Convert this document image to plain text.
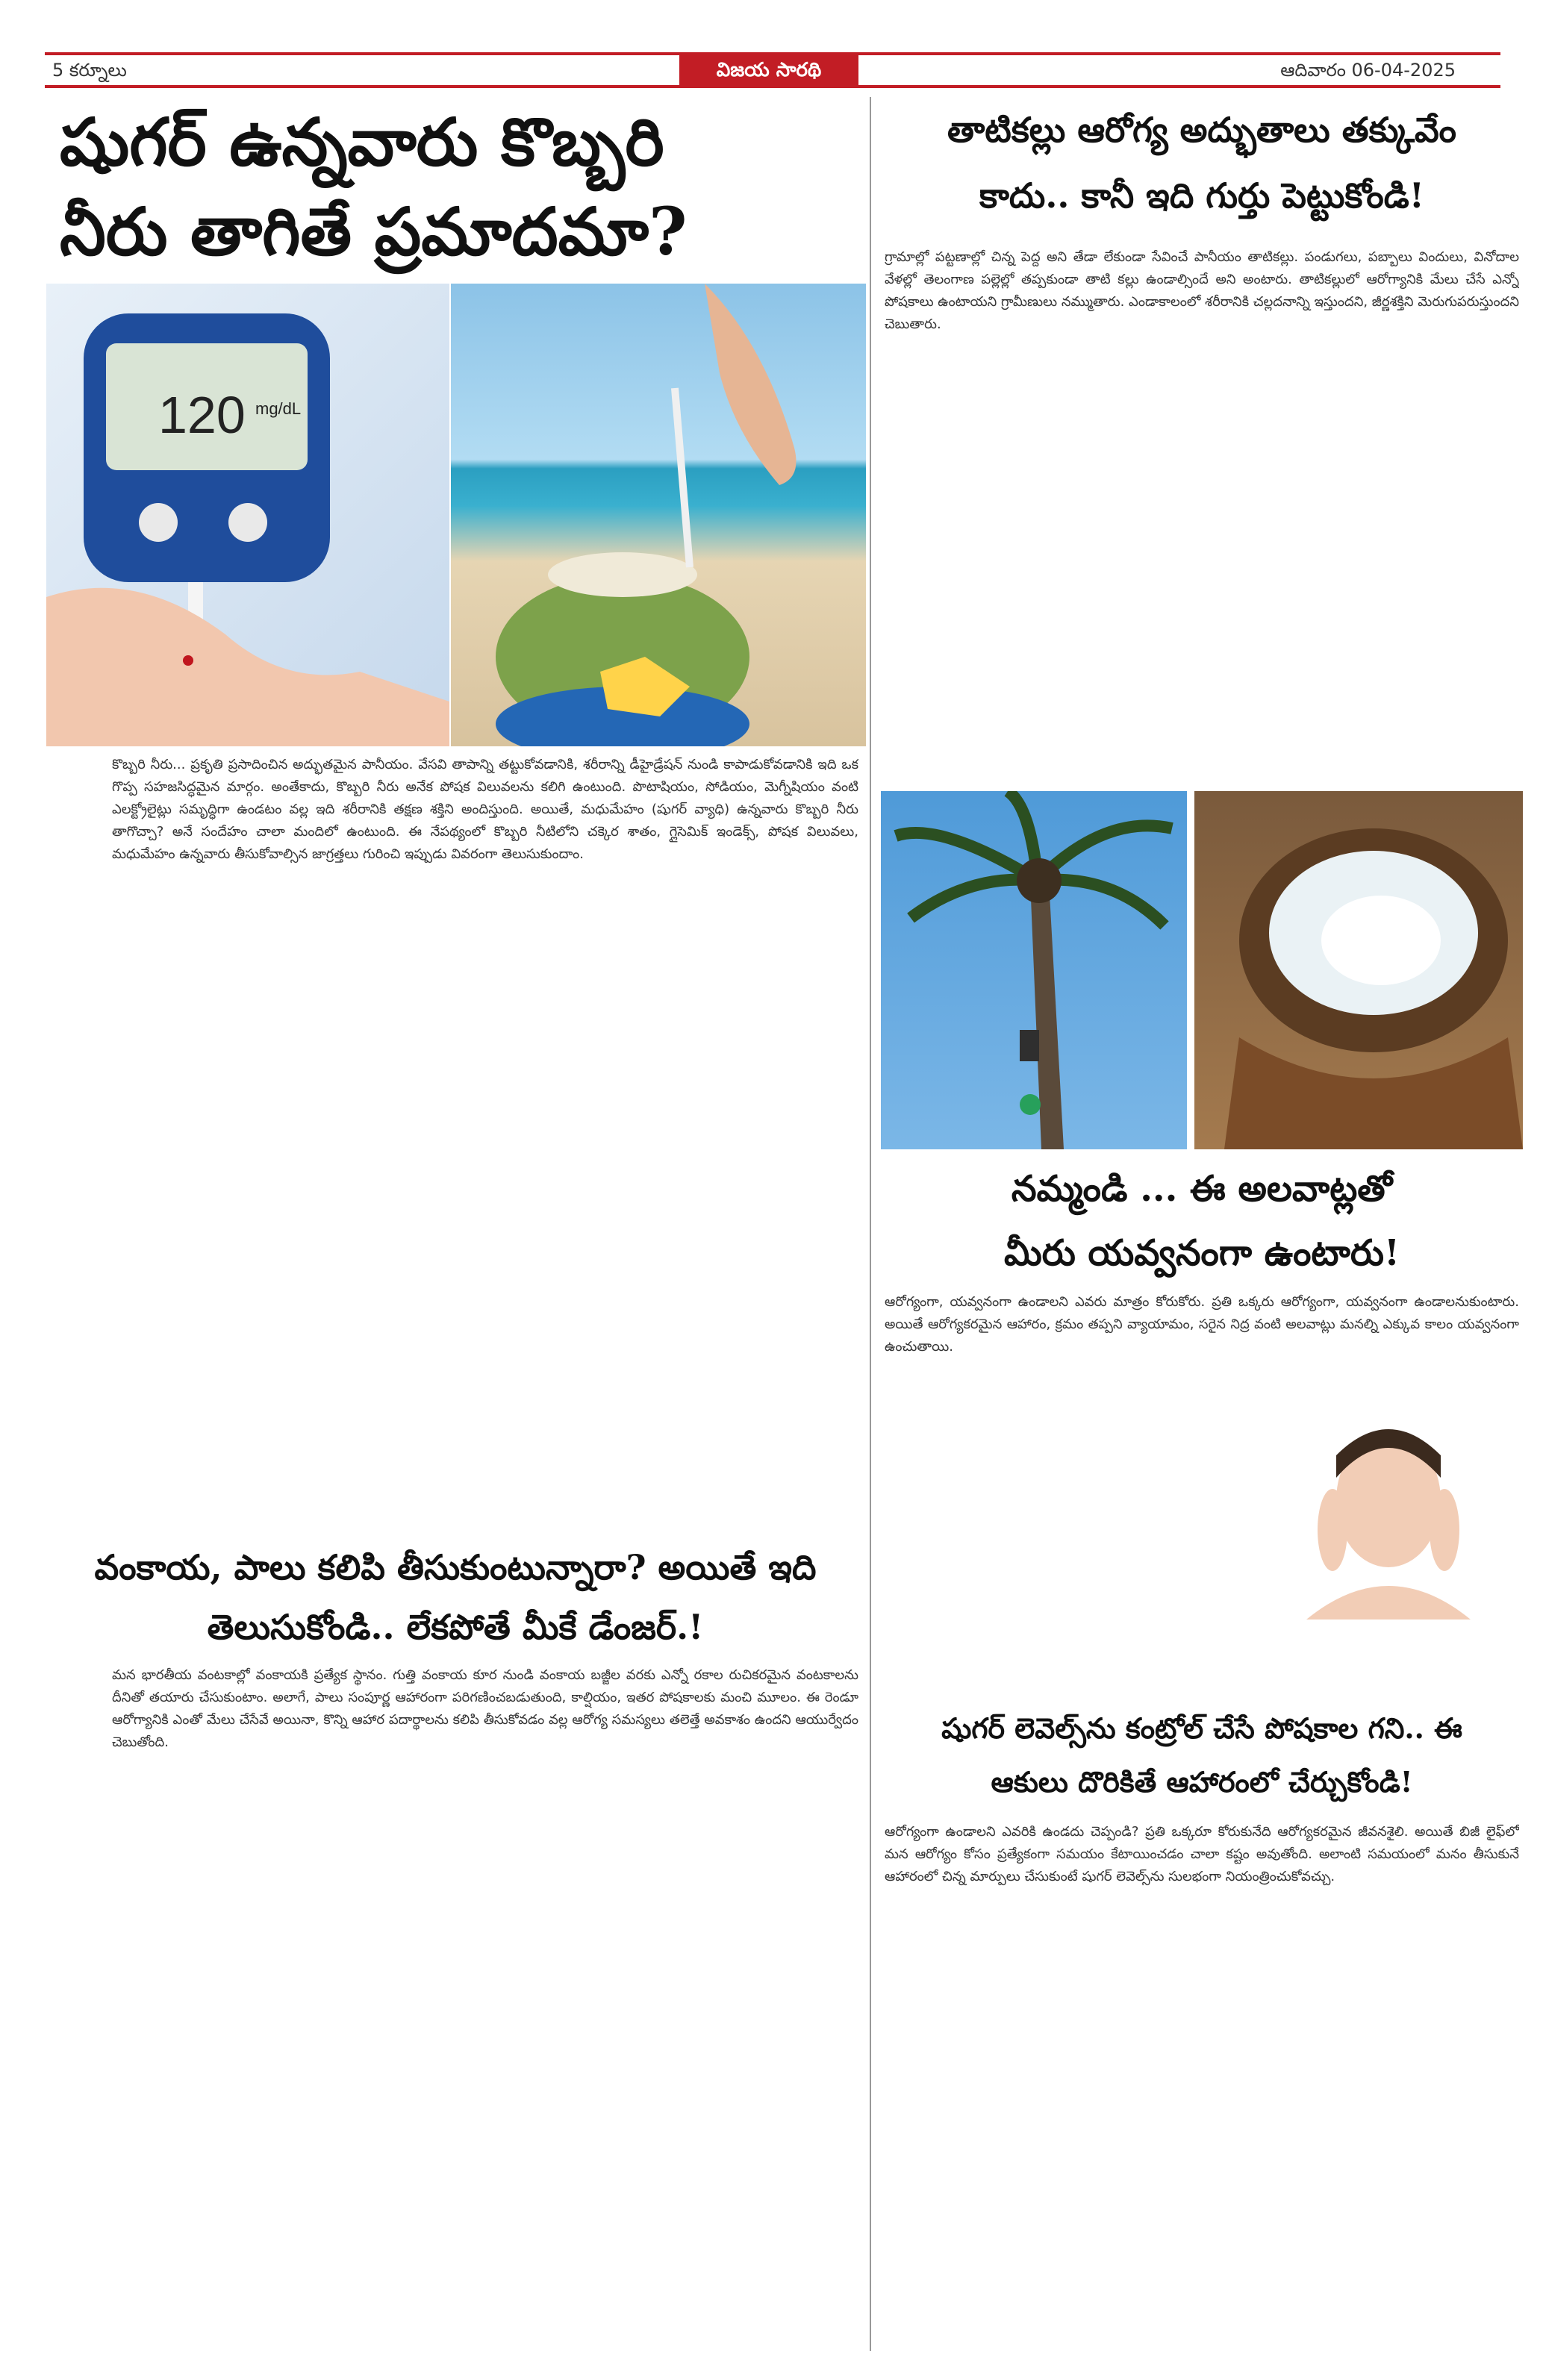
5 కర్నూలు	విజయ సారథి	ఆదివారం 06-04-2025
షుగర్ ఉన్నవారు కొబ్బరి
నీరు తాగితే ప్రమాదమా?
120 mg/dL
కొబ్బరి నీరు... ప్రకృతి ప్రసాదించిన అద్భుతమైన పానీయం. వేసవి తాపాన్ని తట్టుకోవడానికి, శరీరాన్ని డీహైడ్రేషన్ నుండి కాపాడుకోవడానికి ఇది ఒక గొప్ప సహజసిద్ధమైన మార్గం. అంతేకాదు, కొబ్బరి నీరు అనేక పోషక విలువలను కలిగి ఉంటుంది. పొటాషియం, సోడియం, మెగ్నీషియం వంటి ఎలక్ట్రోలైట్లు సమృద్ధిగా ఉండటం వల్ల ఇది శరీరానికి తక్షణ శక్తిని అందిస్తుంది. అయితే, మధుమేహం (షుగర్ వ్యాధి) ఉన్నవారు కొబ్బరి నీరు తాగొచ్చా? అనే సందేహం చాలా మందిలో ఉంటుంది. ఈ నేపథ్యంలో కొబ్బరి నీటిలోని చక్కెర శాతం, గ్లైసెమిక్ ఇండెక్స్, పోషక విలువలు, మధుమేహం ఉన్నవారు తీసుకోవాల్సిన జాగ్రత్తలు గురించి ఇప్పుడు వివరంగా తెలుసుకుందాం.
వంకాయ, పాలు కలిపి తీసుకుంటున్నారా? అయితే ఇది
తెలుసుకోండి.. లేకపోతే మీకే డేంజర్.!
మన భారతీయ వంటకాల్లో వంకాయకి ప్రత్యేక స్థానం. గుత్తి వంకాయ కూర నుండి వంకాయ బజ్జీల వరకు ఎన్నో రకాల రుచికరమైన వంటకాలను దీనితో తయారు చేసుకుంటాం. అలాగే, పాలు సంపూర్ణ ఆహారంగా పరిగణించబడుతుంది, కాల్షియం, ఇతర పోషకాలకు మంచి మూలం. ఈ రెండూ ఆరోగ్యానికి ఎంతో మేలు చేసేవే అయినా, కొన్ని ఆహార పదార్థాలను కలిపి తీసుకోవడం వల్ల ఆరోగ్య సమస్యలు తలెత్తే అవకాశం ఉందని ఆయుర్వేదం చెబుతోంది.
తాటికల్లు ఆరోగ్య అద్భుతాలు తక్కువేం
కాదు.. కానీ ఇది గుర్తు పెట్టుకోండి!
గ్రామాల్లో పట్టణాల్లో చిన్న పెద్ద అని తేడా లేకుండా సేవించే పానీయం తాటికల్లు. పండుగలు, పబ్బాలు విందులు, వినోదాల వేళల్లో తెలంగాణ పల్లెల్లో తప్పకుండా తాటి కల్లు ఉండాల్సిందే అని అంటారు. తాటికల్లులో ఆరోగ్యానికి మేలు చేసే ఎన్నో పోషకాలు ఉంటాయని గ్రామీణులు నమ్ముతారు. ఎండాకాలంలో శరీరానికి చల్లదనాన్ని ఇస్తుందని, జీర్ణశక్తిని మెరుగుపరుస్తుందని చెబుతారు.
నమ్మండి ... ఈ అలవాట్లతో
మీరు యవ్వనంగా ఉంటారు!
ఆరోగ్యంగా, యవ్వనంగా ఉండాలని ఎవరు మాత్రం కోరుకోరు. ప్రతి ఒక్కరు ఆరోగ్యంగా, యవ్వనంగా ఉండాలనుకుంటారు. అయితే ఆరోగ్యకరమైన ఆహారం, క్రమం తప్పని వ్యాయామం, సరైన నిద్ర వంటి అలవాట్లు మనల్ని ఎక్కువ కాలం యవ్వనంగా ఉంచుతాయి.
షుగర్ లెవెల్స్‌ను కంట్రోల్ చేసే పోషకాల గని.. ఈ
ఆకులు దొరికితే ఆహారంలో చేర్చుకోండి!
ఆరోగ్యంగా ఉండాలని ఎవరికి ఉండదు చెప్పండి? ప్రతి ఒక్కరూ కోరుకునేది ఆరోగ్యకరమైన జీవనశైలి. అయితే బిజీ లైఫ్‌లో మన ఆరోగ్యం కోసం ప్రత్యేకంగా సమయం కేటాయించడం చాలా కష్టం అవుతోంది. అలాంటి సమయంలో మనం తీసుకునే ఆహారంలో చిన్న మార్పులు చేసుకుంటే షుగర్ లెవెల్స్‌ను సులభంగా నియంత్రించుకోవచ్చు.
